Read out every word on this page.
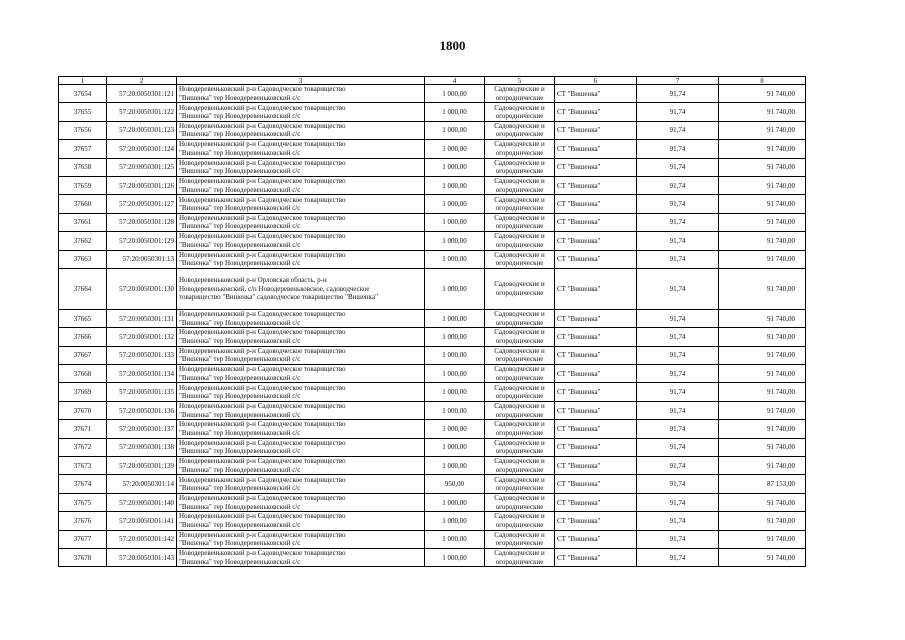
1800
1	2	3	4	5	6	7	8
37654	57:20:0050301:121	Новодеревеньковский р-н Садоводческое товарищество
"Вишенка" тер Новодеревеньковский с/с	1 000,00	Садоводческие и
огороднические	СТ "Вишенка"	91,74	91 740,00
37655	57:20:0050301:122	Новодеревеньковский р-н Садоводческое товарищество
"Вишенка" тер Новодеревеньковский с/с	1 000,00	Садоводческие и
огороднические	СТ "Вишенка"	91,74	91 740,00
37656	57:20:0050301:123	Новодеревеньковский р-н Садоводческое товарищество
"Вишенка" тер Новодеревеньковский с/с	1 000,00	Садоводческие и
огороднические	СТ "Вишенка"	91,74	91 740,00
37657	57:20:0050301:124	Новодеревеньковский р-н Садоводческое товарищество
"Вишенка" тер Новодеревеньковский с/с	1 000,00	Садоводческие и
огороднические	СТ "Вишенка"	91,74	91 740,00
37658	57:20:0050301:125	Новодеревеньковский р-н Садоводческое товарищество
"Вишенка" тер Новодеревеньковский с/с	1 000,00	Садоводческие и
огороднические	СТ "Вишенка"	91,74	91 740,00
37659	57:20:0050301:126	Новодеревеньковский р-н Садоводческое товарищество
"Вишенка" тер Новодеревеньковский с/с	1 000,00	Садоводческие и
огороднические	СТ "Вишенка"	91,74	91 740,00
37660	57:20:0050301:127	Новодеревеньковский р-н Садоводческое товарищество
"Вишенка" тер Новодеревеньковский с/с	1 000,00	Садоводческие и
огороднические	СТ "Вишенка"	91,74	91 740,00
37661	57:20:0050301:128	Новодеревеньковский р-н Садоводческое товарищество
"Вишенка" тер Новодеревеньковский с/с	1 000,00	Садоводческие и
огороднические	СТ "Вишенка"	91,74	91 740,00
37662	57:20:0050301:129	Новодеревеньковский р-н Садоводческое товарищество
"Вишенка" тер Новодеревеньковский с/с	1 000,00	Садоводческие и
огороднические	СТ "Вишенка"	91,74	91 740,00
37663	57:20:0050301:13	Новодеревеньковский р-н Садоводческое товарищество
"Вишенка" тер Новодеревеньковский с/с	1 000,00	Садоводческие и
огороднические	СТ "Вишенка"	91,74	91 740,00
37664	57:20:0050301:130	Новодеревеньковский р-н Орловская область, р-н
Новодеревеньковский, с/п Новодеревеньковское, садоводческое
товарищество "Вишенка" садоводческое товарищество "Вишенка"	1 000,00	Садоводческие и
огороднические	СТ "Вишенка"	91,74	91 740,00
37665	57:20:0050301:131	Новодеревеньковский р-н Садоводческое товарищество
"Вишенка" тер Новодеревеньковский с/с	1 000,00	Садоводческие и
огороднические	СТ "Вишенка"	91,74	91 740,00
37666	57:20:0050301:132	Новодеревеньковский р-н Садоводческое товарищество
"Вишенка" тер Новодеревеньковский с/с	1 000,00	Садоводческие и
огороднические	СТ "Вишенка"	91,74	91 740,00
37667	57:20:0050301:133	Новодеревеньковский р-н Садоводческое товарищество
"Вишенка" тер Новодеревеньковский с/с	1 000,00	Садоводческие и
огороднические	СТ "Вишенка"	91,74	91 740,00
37668	57:20:0050301:134	Новодеревеньковский р-н Садоводческое товарищество
"Вишенка" тер Новодеревеньковский с/с	1 000,00	Садоводческие и
огороднические	СТ "Вишенка"	91,74	91 740,00
37669	57:20:0050301:135	Новодеревеньковский р-н Садоводческое товарищество
"Вишенка" тер Новодеревеньковский с/с	1 000,00	Садоводческие и
огороднические	СТ "Вишенка"	91,74	91 740,00
37670	57:20:0050301:136	Новодеревеньковский р-н Садоводческое товарищество
"Вишенка" тер Новодеревеньковский с/с	1 000,00	Садоводческие и
огороднические	СТ "Вишенка"	91,74	91 740,00
37671	57:20:0050301:137	Новодеревеньковский р-н Садоводческое товарищество
"Вишенка" тер Новодеревеньковский с/с	1 000,00	Садоводческие и
огороднические	СТ "Вишенка"	91,74	91 740,00
37672	57:20:0050301:138	Новодеревеньковский р-н Садоводческое товарищество
"Вишенка" тер Новодеревеньковский с/с	1 000,00	Садоводческие и
огороднические	СТ "Вишенка"	91,74	91 740,00
37673	57:20:0050301:139	Новодеревеньковский р-н Садоводческое товарищество
"Вишенка" тер Новодеревеньковский с/с	1 000,00	Садоводческие и
огороднические	СТ "Вишенка"	91,74	91 740,00
37674	57:20:0050301:14	Новодеревеньковский р-н Садоводческое товарищество
"Вишенка" тер Новодеревеньковский с/с	950,00	Садоводческие и
огороднические	СТ "Вишенка"	91,74	87 153,00
37675	57:20:0050301:140	Новодеревеньковский р-н Садоводческое товарищество
"Вишенка" тер Новодеревеньковский с/с	1 000,00	Садоводческие и
огороднические	СТ "Вишенка"	91,74	91 740,00
37676	57:20:0050301:141	Новодеревеньковский р-н Садоводческое товарищество
"Вишенка" тер Новодеревеньковский с/с	1 000,00	Садоводческие и
огороднические	СТ "Вишенка"	91,74	91 740,00
37677	57:20:0050301:142	Новодеревеньковский р-н Садоводческое товарищество
"Вишенка" тер Новодеревеньковский с/с	1 000,00	Садоводческие и
огороднические	СТ "Вишенка"	91,74	91 740,00
37678	57:20:0050301:143	Новодеревеньковский р-н Садоводческое товарищество
"Вишенка" тер Новодеревеньковский с/с	1 000,00	Садоводческие и
огороднические	СТ "Вишенка"	91,74	91 740,00
